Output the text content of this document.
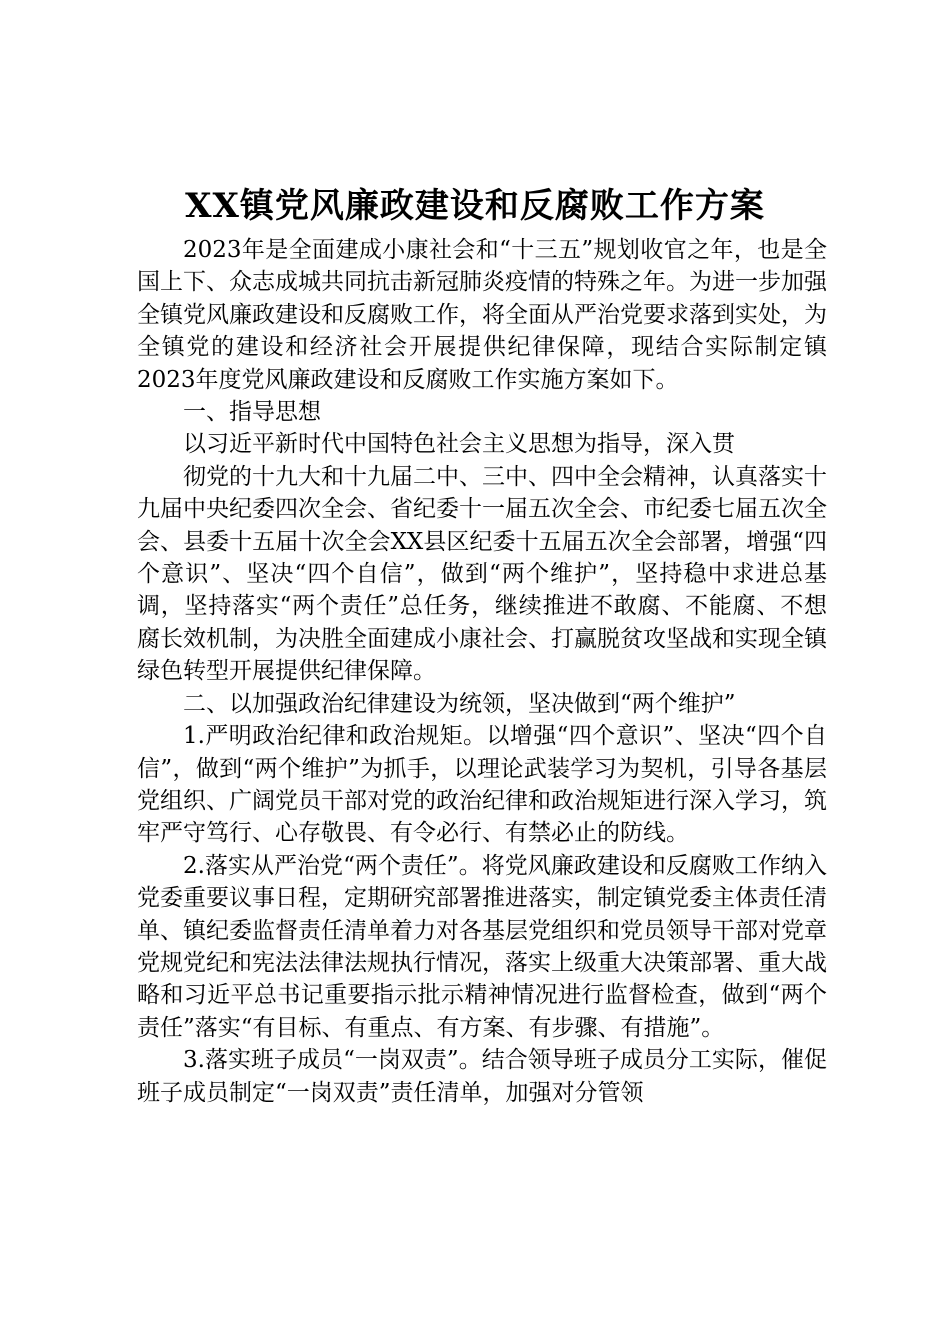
XX镇党风廉政建设和反腐败工作方案

2023年是全面建成小康社会和“十三五”规划收官之年，也是全国上下、众志成城共同抗击新冠肺炎疫情的特殊之年。为进一步加强全镇党风廉政建设和反腐败工作，将全面从严治党要求落到实处，为全镇党的建设和经济社会开展提供纪律保障，现结合实际制定镇2023年度党风廉政建设和反腐败工作实施方案如下。

一、指导思想

以习近平新时代中国特色社会主义思想为指导，深入贯

彻党的十九大和十九届二中、三中、四中全会精神，认真落实十九届中央纪委四次全会、省纪委十一届五次全会、市纪委七届五次全会、县委十五届十次全会XX县区纪委十五届五次全会部署，增强“四个意识”、坚决“四个自信”，做到“两个维护”，坚持稳中求进总基调，坚持落实“两个责任”总任务，继续推进不敢腐、不能腐、不想腐长效机制，为决胜全面建成小康社会、打赢脱贫攻坚战和实现全镇绿色转型开展提供纪律保障。

二、以加强政治纪律建设为统领，坚决做到“两个维护”

1.严明政治纪律和政治规矩。以增强“四个意识”、坚决“四个自信”，做到“两个维护”为抓手，以理论武装学习为契机，引导各基层党组织、广阔党员干部对党的政治纪律和政治规矩进行深入学习，筑牢严守笃行、心存敬畏、有令必行、有禁必止的防线。

2.落实从严治党“两个责任”。将党风廉政建设和反腐败工作纳入党委重要议事日程，定期研究部署推进落实，制定镇党委主体责任清单、镇纪委监督责任清单着力对各基层党组织和党员领导干部对党章党规党纪和宪法法律法规执行情况，落实上级重大决策部署、重大战略和习近平总书记重要指示批示精神情况进行监督检查，做到“两个责任”落实“有目标、有重点、有方案、有步骤、有措施”。

3.落实班子成员“一岗双责”。结合领导班子成员分工实际，催促班子成员制定“一岗双责”责任清单，加强对分管领
